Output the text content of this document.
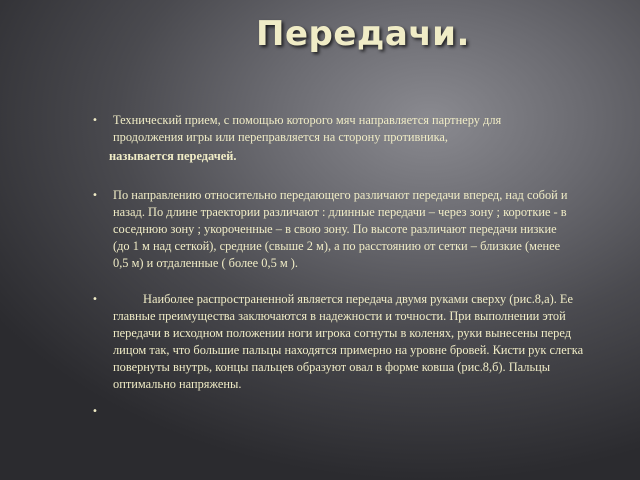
Передачи.
• Технический прием, с помощью которого мяч направляется партнеру для продолжения игры или переправляется на сторону противника,

называется передачей.

• По направлению относительно передающего различают передачи вперед, над собой и назад. По длине траектории различают : длинные передачи – через зону ; короткие - в соседнюю зону ; укороченные – в свою зону. По высоте различают передачи низкие (до 1 м над сеткой), средние (свыше 2 м), а по расстоянию от сетки – близкие (менее 0,5 м) и отдаленные ( более 0,5 м ).

•	Наиболее распространенной является передача двумя руками сверху (рис.8,а). Ее главные преимущества заключаются в надежности и точности. При выполнении этой передачи в исходном положении ноги игрока согнуты в коленях, руки вынесены перед лицом так, что большие пальцы находятся примерно на уровне бровей. Кисти рук слегка повернуты внутрь, концы пальцев образуют овал в форме ковша (рис.8,б). Пальцы оптимально напряжены.

•
